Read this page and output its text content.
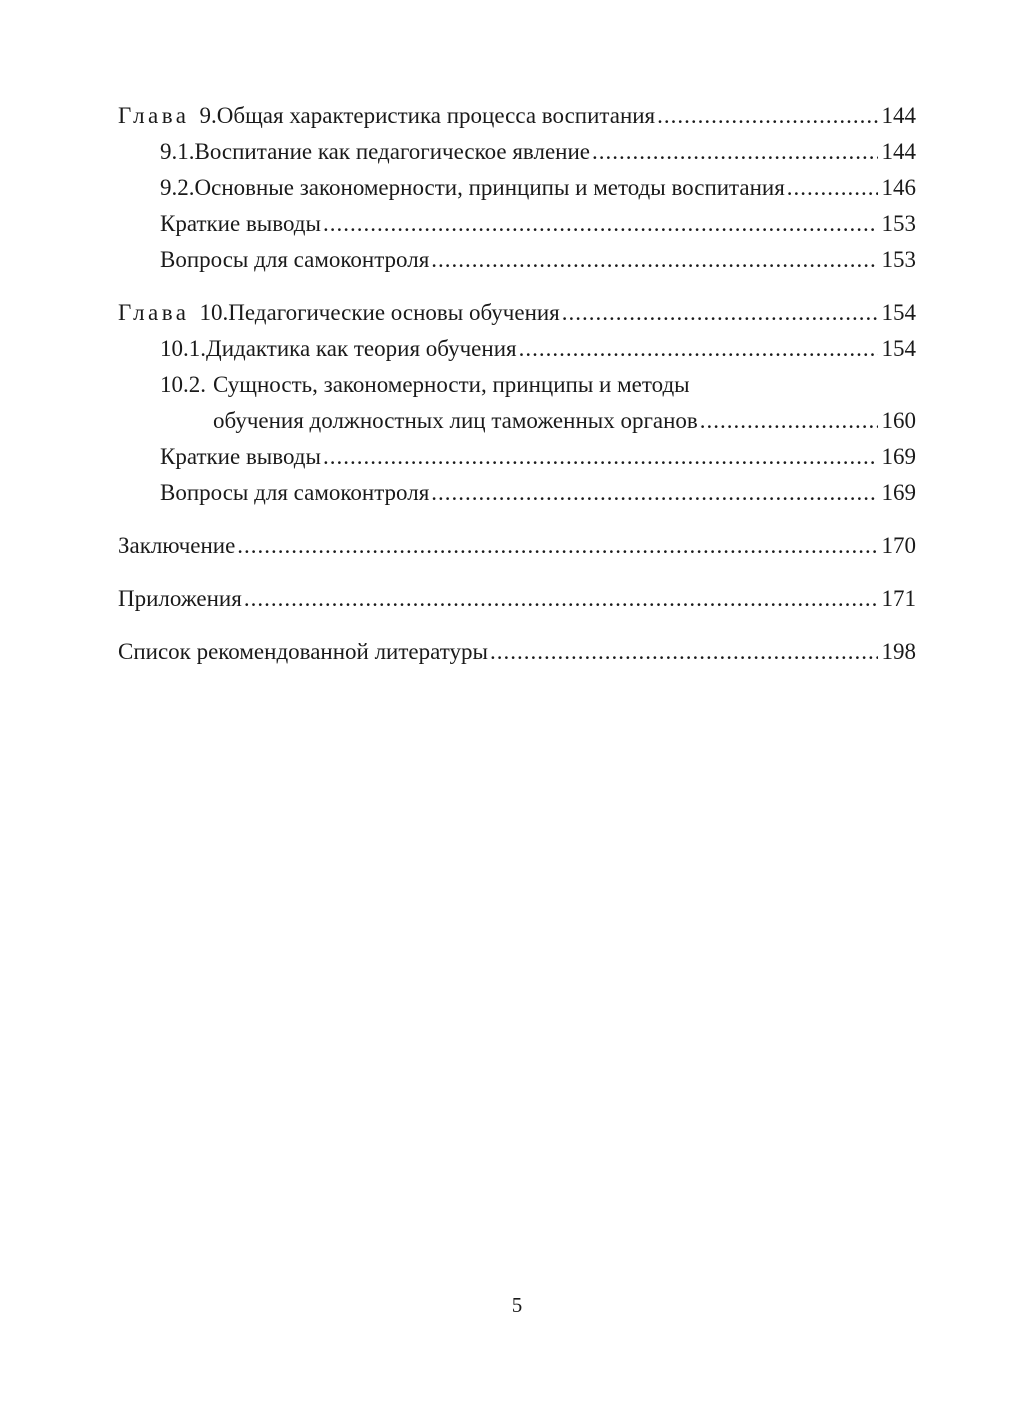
Глава 9. Общая характеристика процесса воспитания .....	144
9.1. Воспитание как педагогическое явление .....	144
9.2. Основные закономерности, принципы и методы воспитания .....	146
Краткие выводы .....	153
Вопросы для самоконтроля .....	153
Глава 10. Педагогические основы обучения .....	154
10.1. Дидактика как теория обучения .....	154
10.2. Сущность, закономерности, принципы и методы
обучения должностных лиц таможенных органов .....	160
Краткие выводы .....	169
Вопросы для самоконтроля .....	169
Заключение .....	170
Приложения .....	171
Список рекомендованной литературы .....	198
5
